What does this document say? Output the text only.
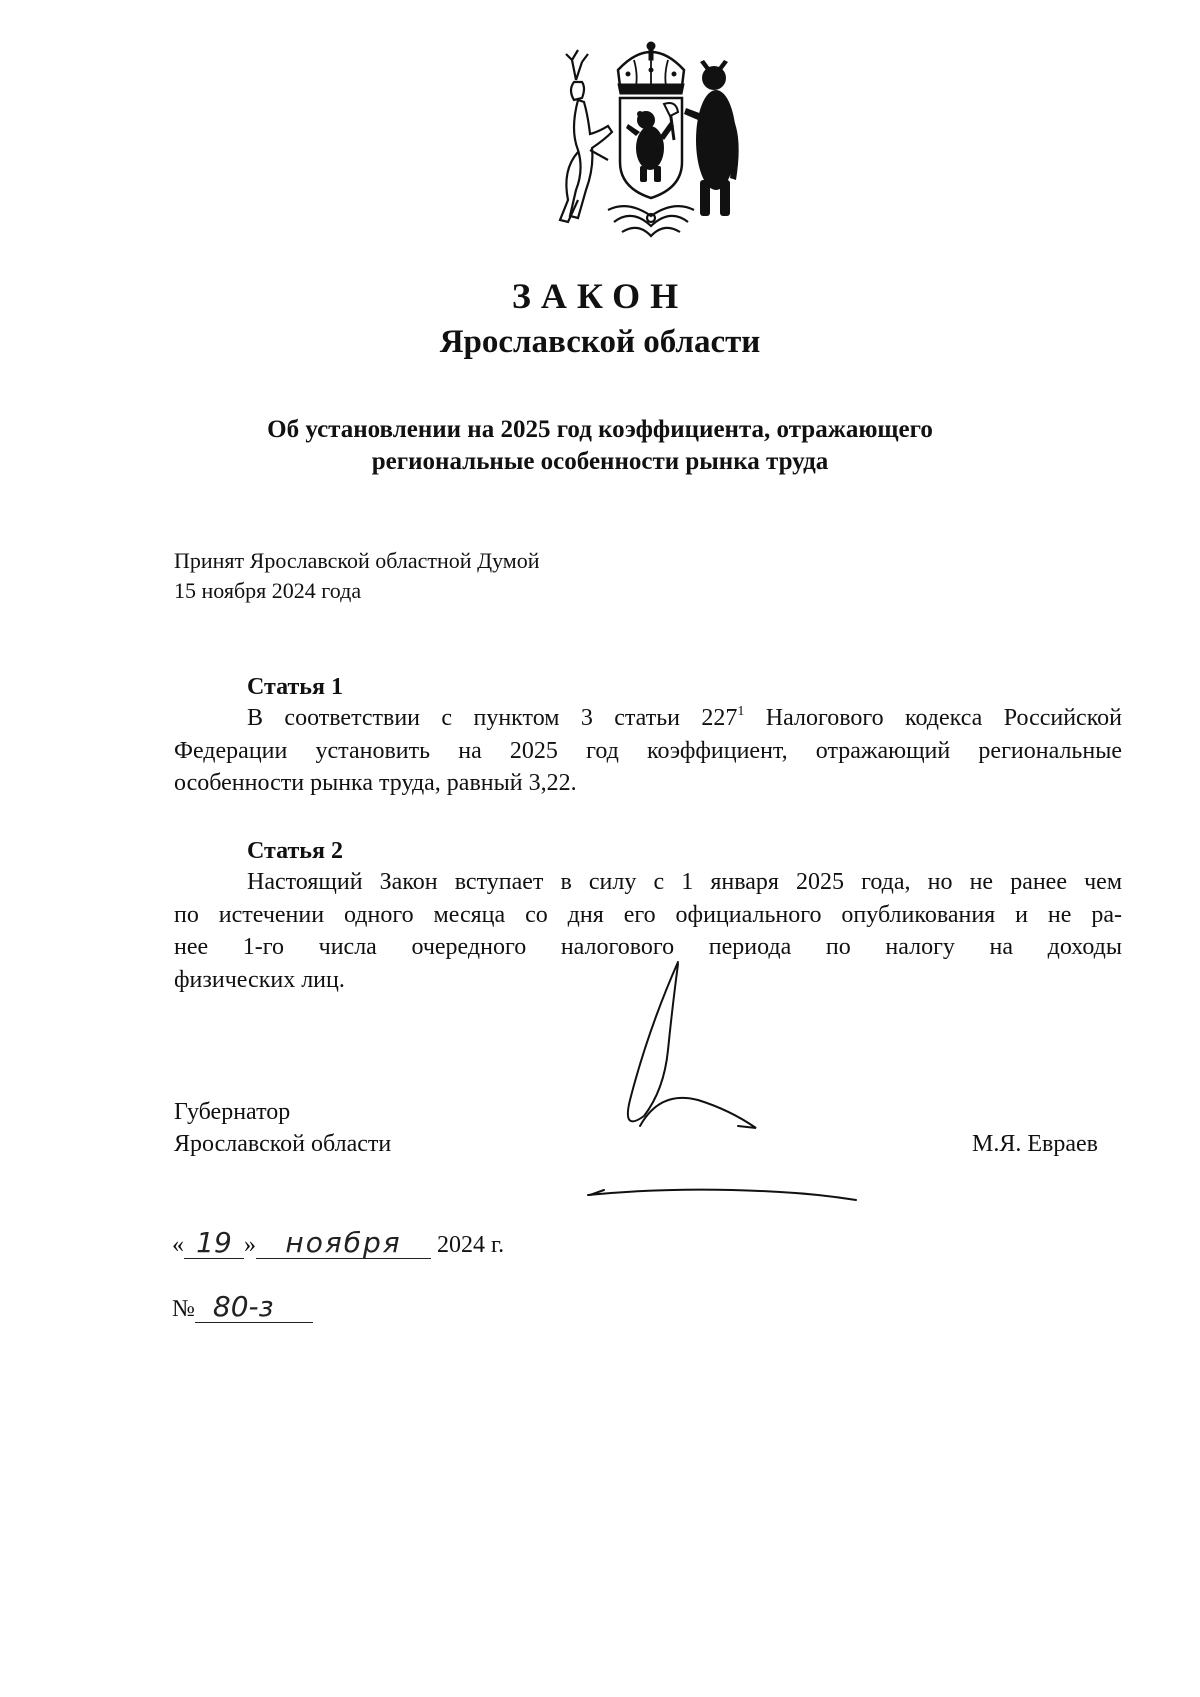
ЗАКОН
Ярославской области
Об установлении на 2025 год коэффициента, отражающего
региональные особенности рынка труда
Принят Ярославской областной Думой
15 ноября 2024 года
Статья 1
В соответствии с пунктом 3 статьи $227^1$ Налогового кодекса Российской
Федерации установить на 2025 год коэффициент, отражающий региональные
особенности рынка труда, равный 3,22.
Статья 2
Настоящий Закон вступает в силу с 1 января 2025 года, но не ранее чем
по истечении одного месяца со дня его официального опубликования и не ра-
нее 1-го числа очередного налогового периода по налогу на доходы
физических лиц.
Губернатор
Ярославской области	М.Я. Евраев
« 19 » ноября 2024 г.
№ 80-з
